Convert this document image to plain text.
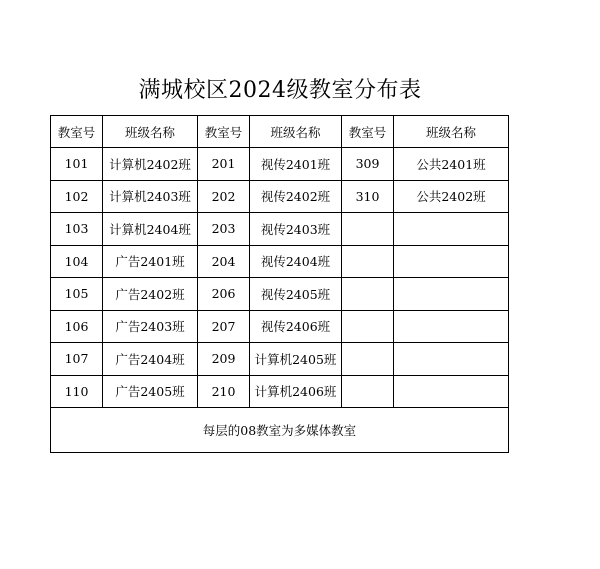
满城校区2024级教室分布表
教室号	班级名称	教室号	班级名称	教室号	班级名称
101	计算机2402班	201	视传2401班	309	公共2401班
102	计算机2403班	202	视传2402班	310	公共2402班
103	计算机2404班	203	视传2403班		
104	广告2401班	204	视传2404班		
105	广告2402班	206	视传2405班		
106	广告2403班	207	视传2406班		
107	广告2404班	209	计算机2405班		
110	广告2405班	210	计算机2406班		
每层的08教室为多媒体教室					
